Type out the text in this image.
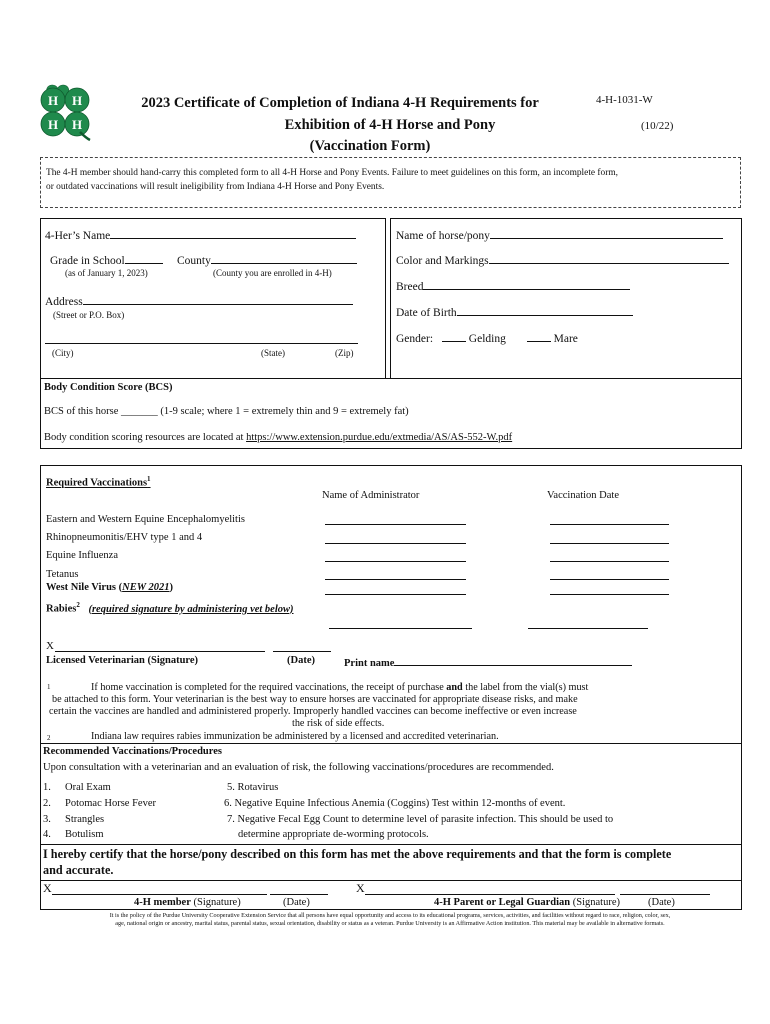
H H
H H
2023 Certificate of Completion of Indiana 4-H Requirements for
Exhibition of 4-H Horse and Pony
(Vaccination Form)
4-H-1031-W
(10/22)
The 4-H member should hand-carry this completed form to all 4-H Horse and Pony Events. Failure to meet guidelines on this form, an incomplete form,
or outdated vaccinations will result ineligibility from Indiana 4-H Horse and Pony Events.
4-Her’s Name
Grade in School	County
(as of January 1, 2023)	(County you are enrolled in 4-H)
Address
(Street or P.O. Box)
(City)	(State)	(Zip)
Name of horse/pony
Color and Markings
Breed
Date of Birth
Gender:	Gelding	Mare
Body Condition Score (BCS)
BCS of this horse _______ (1-9 scale; where 1 = extremely thin and 9 = extremely fat)
Body condition scoring resources are located at https://www.extension.purdue.edu/extmedia/AS/AS-552-W.pdf
Required Vaccinations$^1$
Name of Administrator	Vaccination Date
Eastern and Western Equine Encephalomyelitis
Rhinopneumonitis/EHV type 1 and 4
Equine Influenza
Tetanus
West Nile Virus (NEW 2021)
Rabies$^2$ (required signature by administering vet below)
X
Licensed Veterinarian (Signature)	(Date)	Print name
1	If home vaccination is completed for the required vaccinations, the receipt of purchase and the label from the vial(s) must
be attached to this form. Your veterinarian is the best way to ensure horses are vaccinated for appropriate disease risks, and make
certain the vaccines are handled and administered properly. Improperly handled vaccines can become ineffective or even increase
the risk of side effects.
2	Indiana law requires rabies immunization be administered by a licensed and accredited veterinarian.
Recommended Vaccinations/Procedures
Upon consultation with a veterinarian and an evaluation of risk, the following vaccinations/procedures are recommended.
1. Oral Exam
2. Potomac Horse Fever
3. Strangles
4. Botulism
5. Rotavirus
6. Negative Equine Infectious Anemia (Coggins) Test within 12-months of event.
7. Negative Fecal Egg Count to determine level of parasite infection. This should be used to
determine appropriate de-worming protocols.
I hereby certify that the horse/pony described on this form has met the above requirements and that the form is complete
and accurate.
X
4-H member (Signature)	(Date)
X
4-H Parent or Legal Guardian (Signature)	(Date)
It is the policy of the Purdue University Cooperative Extension Service that all persons have equal opportunity and access to its educational programs, services, activities, and facilities without regard to race, religion, color, sex,
age, national origin or ancestry, marital status, parental status, sexual orientation, disability or status as a veteran. Purdue University is an Affirmative Action institution. This material may be available in alternative formats.
